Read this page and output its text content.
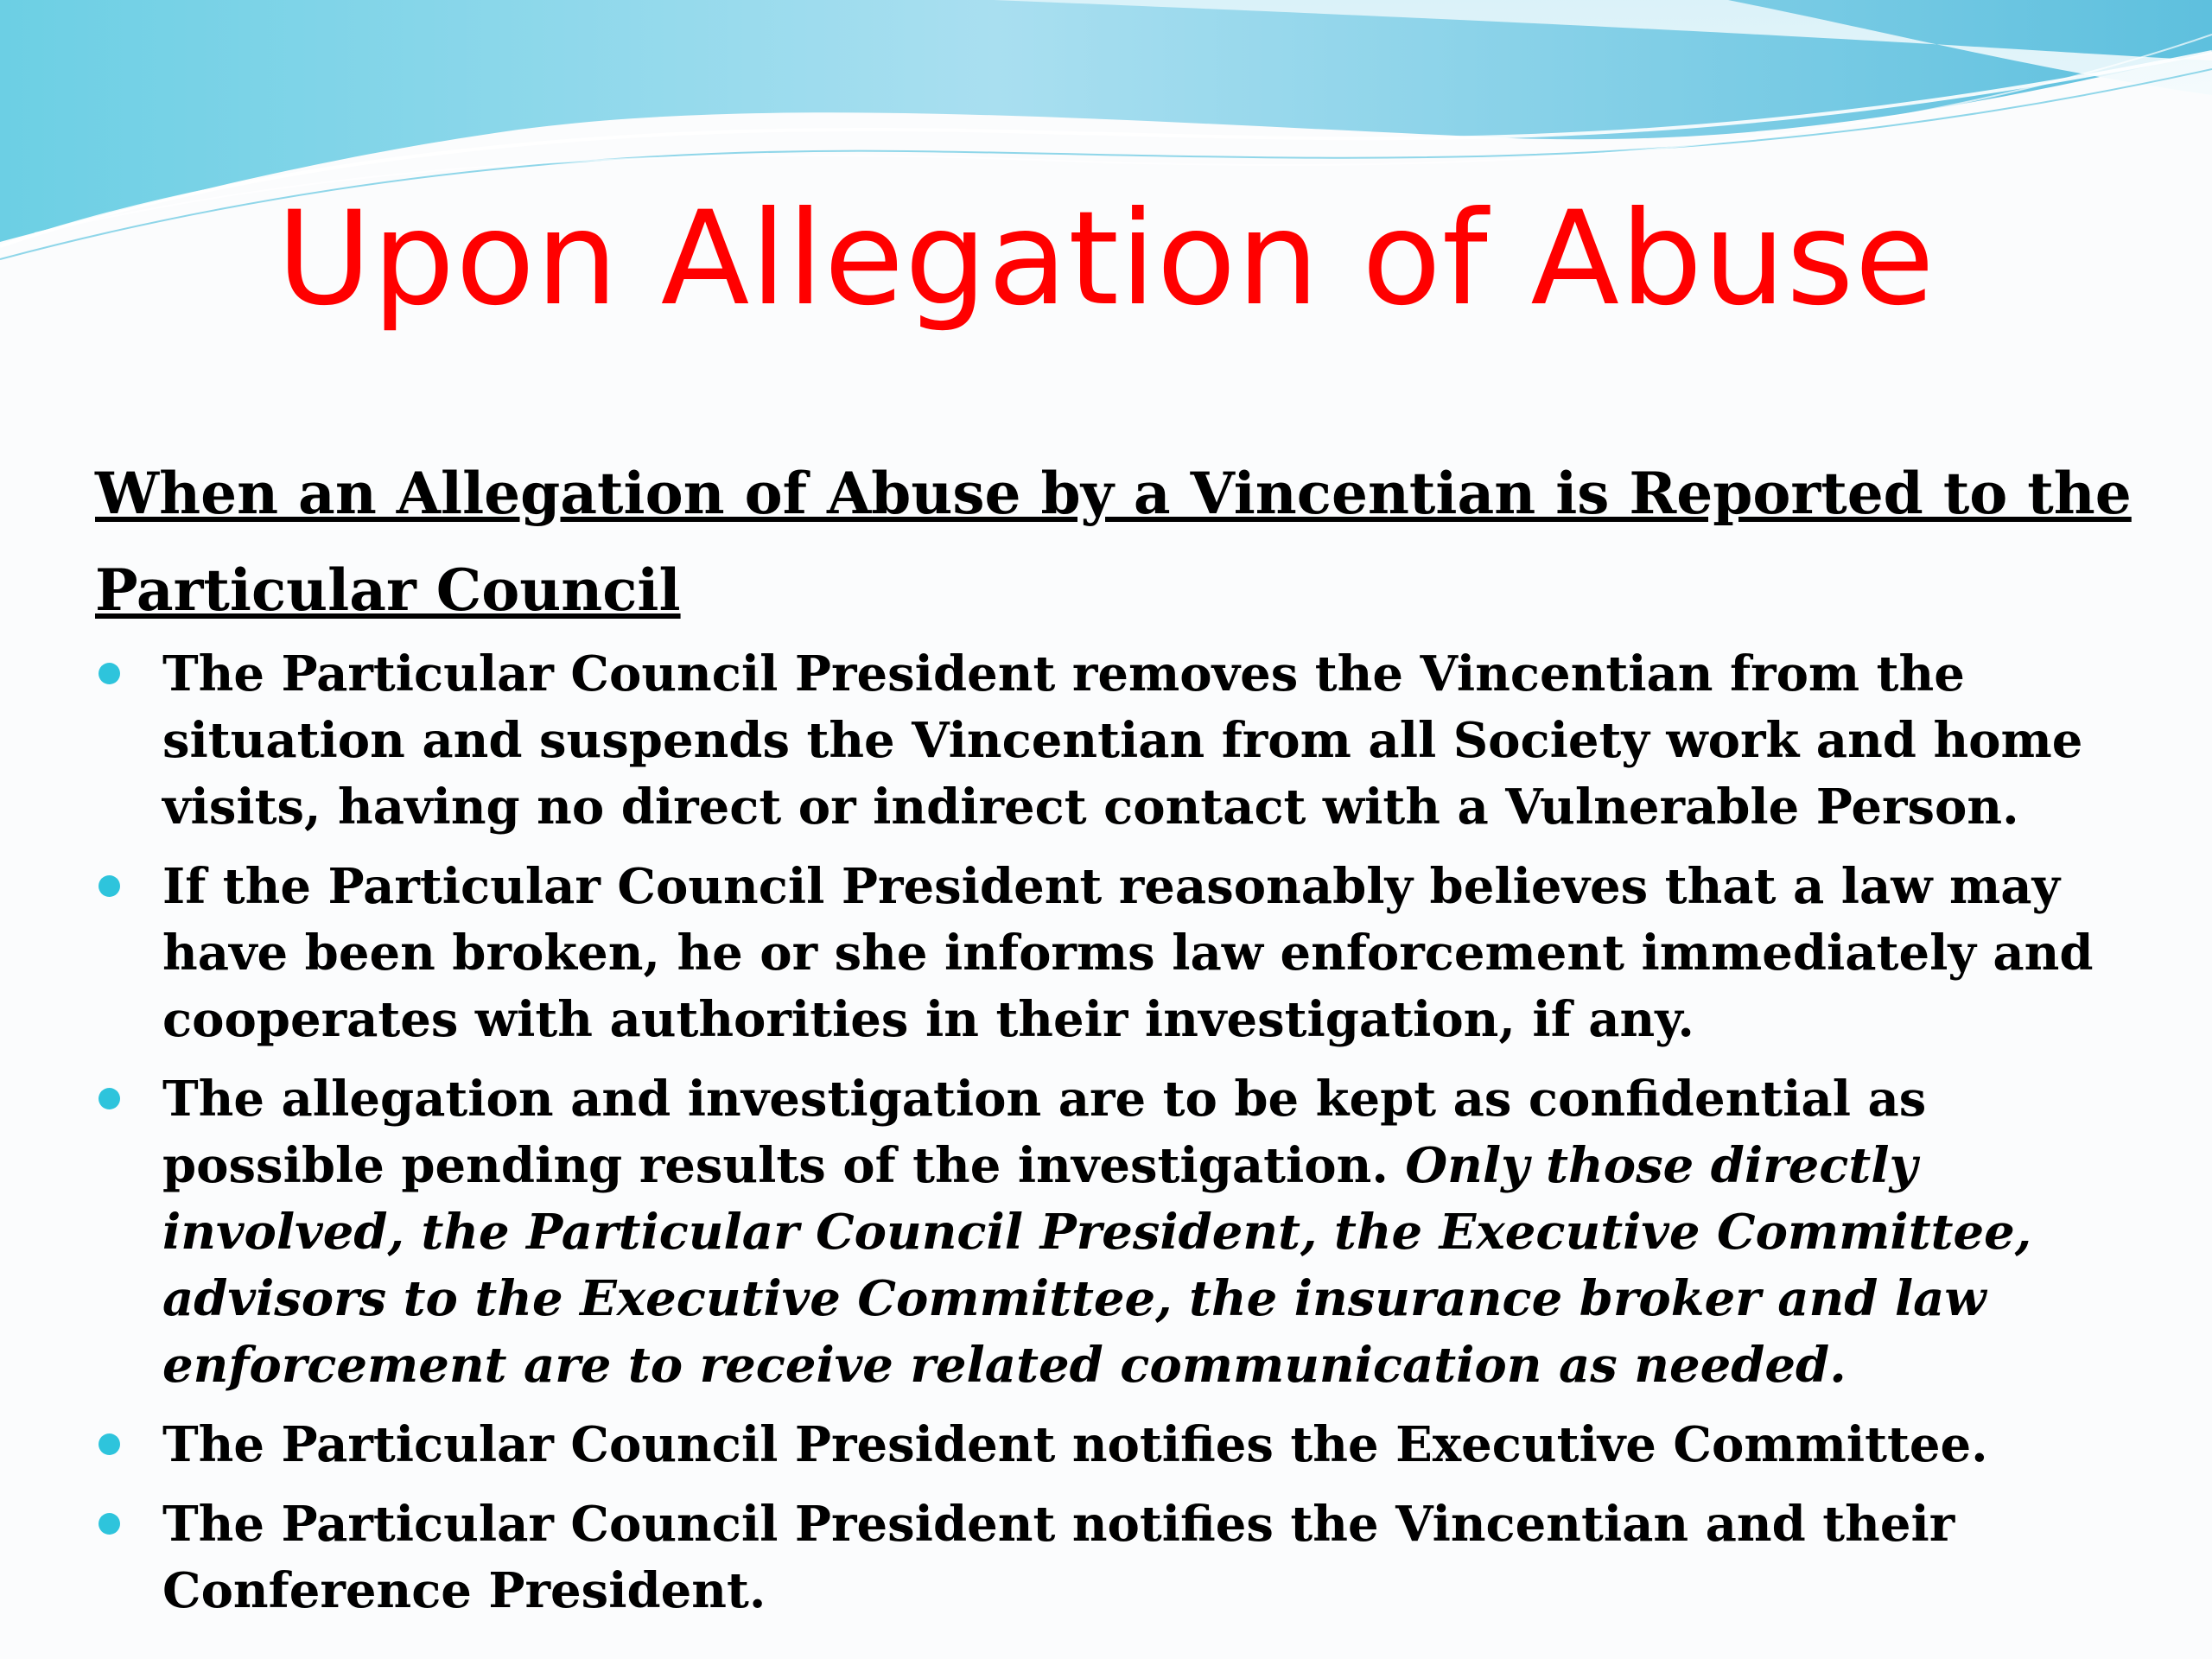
Upon Allegation of Abuse
When an Allegation of Abuse by a Vincentian is Reported to the
Particular Council
The Particular Council President removes the Vincentian from the situation and suspends the Vincentian from all Society work and home visits, having no direct or indirect contact with a Vulnerable Person.
If the Particular Council President reasonably believes that a law may have been broken, he or she informs law enforcement immediately and cooperates with authorities in their investigation, if any.
The allegation and investigation are to be kept as confidential as possible pending results of the investigation. Only those directly involved, the Particular Council President, the Executive Committee, advisors to the Executive Committee, the insurance broker and law enforcement are to receive related communication as needed.
The Particular Council President notifies the Executive Committee.
The Particular Council President notifies the Vincentian and their Conference President.
